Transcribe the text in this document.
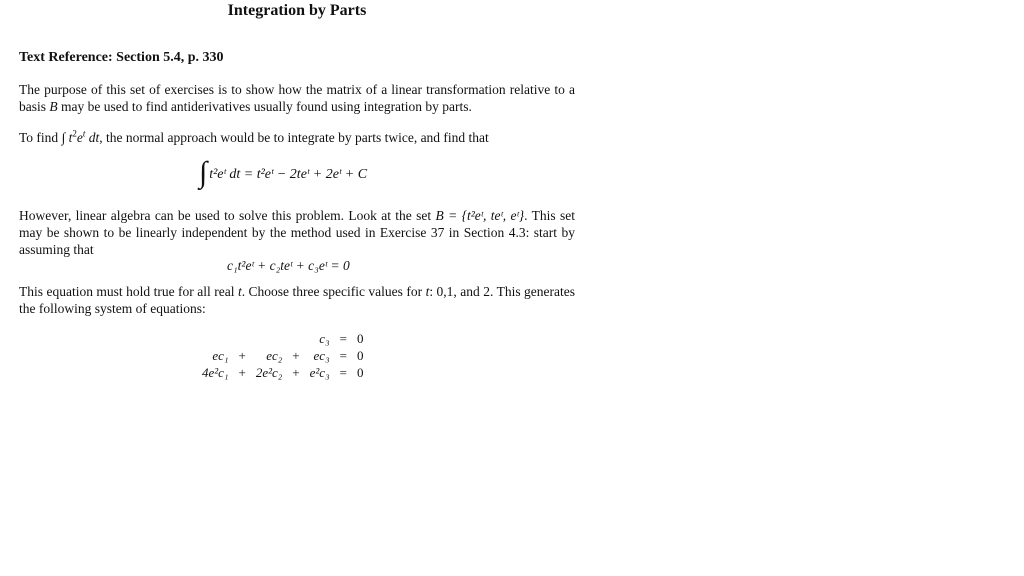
Integration by Parts
Text Reference: Section 5.4, p. 330
The purpose of this set of exercises is to show how the matrix of a linear transformation relative to a basis B may be used to find antiderivatives usually found using integration by parts.
To find ∫ $t^2e^t$ dt, the normal approach would be to integrate by parts twice, and find that
∫ t²eᵗ dt = t²eᵗ − 2teᵗ + 2eᵗ + C
However, linear algebra can be used to solve this problem. Look at the set B = {t²eᵗ, teᵗ, eᵗ}. This set may be shown to be linearly independent by the method used in Exercise 37 in Section 4.3: start by assuming that
c₁t²eᵗ + c₂teᵗ + c₃eᵗ = 0
This equation must hold true for all real t. Choose three specific values for t: 0,1, and 2. This generates the following system of equations:
				c₃	=	0
ec₁	+	ec₂	+	ec₃	=	0
4e²c₁	+	2e²c₂	+	e²c₃	=	0
